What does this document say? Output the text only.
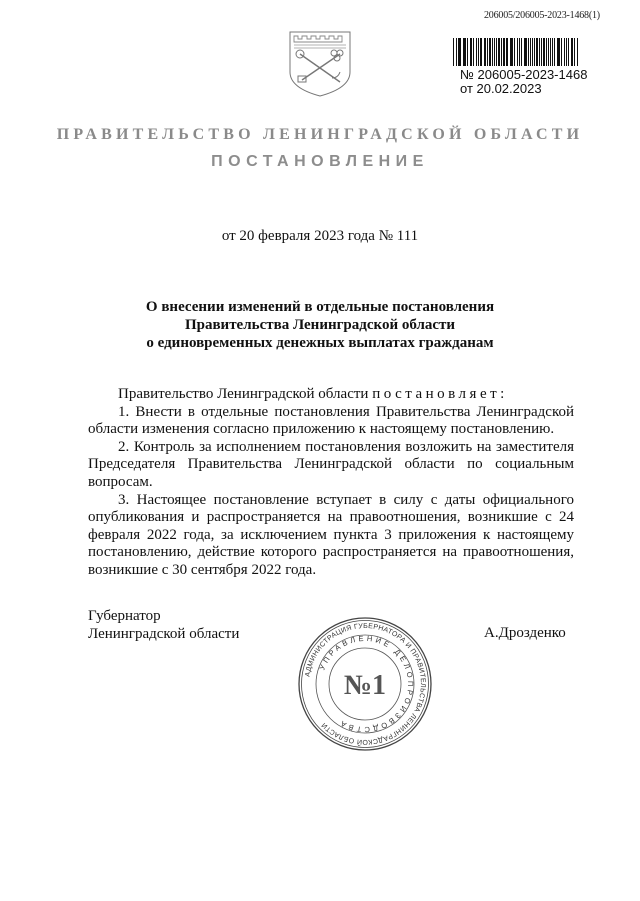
206005/206005-2023-1468(1)
№ 206005-2023-1468
от 20.02.2023
ПРАВИТЕЛЬСТВО ЛЕНИНГРАДСКОЙ ОБЛАСТИ
ПОСТАНОВЛЕНИЕ
от 20 февраля 2023 года № 111
О внесении изменений в отдельные постановления
Правительства Ленинградской области
о единовременных денежных выплатах гражданам

Правительство Ленинградской области постановляет:

1. Внести в отдельные постановления Правительства Ленинградской области изменения согласно приложению к настоящему постановлению.

2. Контроль за исполнением постановления возложить на заместителя Председателя Правительства Ленинградской области по социальным вопросам.

3. Настоящее постановление вступает в силу с даты официального опубликования и распространяется на правоотношения, возникшие с 24 февраля 2022 года, за исключением пункта 3 приложения к настоящему постановлению, действие которого распространяется на правоотношения, возникшие с 30 сентября 2022 года.

Губернатор
Ленинградской области	А.Дрозденко
АДМИНИСТРАЦИЯ ГУБЕРНАТОРА И ПРАВИТЕЛЬСТВА ЛЕНИНГРАДСКОЙ ОБЛАСТИ
УПРАВЛЕНИЕ ДЕЛОПРОИЗВОДСТВА
№1
